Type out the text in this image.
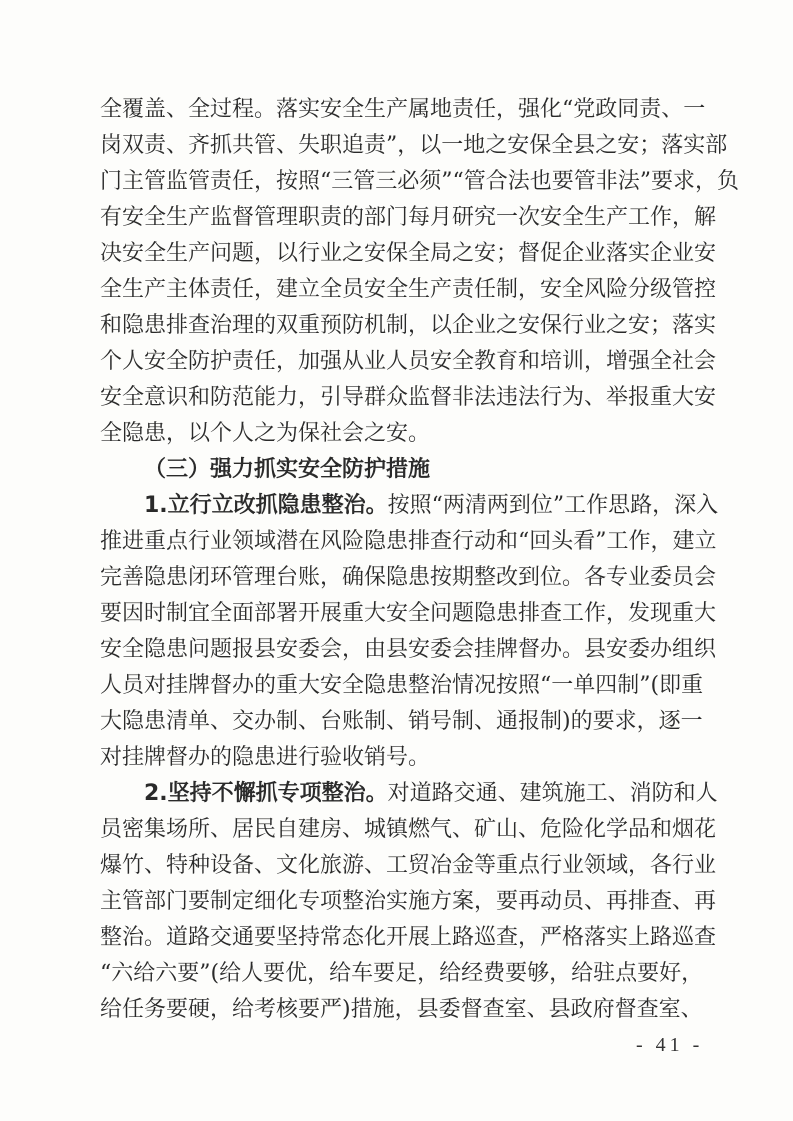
全覆盖、全过程。落实安全生产属地责任，强化“党政同责、一
岗双责、齐抓共管、失职追责”，以一地之安保全县之安；落实部
门主管监管责任，按照“三管三必须”“管合法也要管非法”要求，负
有安全生产监督管理职责的部门每月研究一次安全生产工作，解
决安全生产问题，以行业之安保全局之安；督促企业落实企业安
全生产主体责任，建立全员安全生产责任制，安全风险分级管控
和隐患排查治理的双重预防机制，以企业之安保行业之安；落实
个人安全防护责任，加强从业人员安全教育和培训，增强全社会
安全意识和防范能力，引导群众监督非法违法行为、举报重大安
全隐患，以个人之为保社会之安。
（三）强力抓实安全防护措施
1.立行立改抓隐患整治。按照“两清两到位”工作思路，深入
推进重点行业领域潜在风险隐患排查行动和“回头看”工作，建立
完善隐患闭环管理台账，确保隐患按期整改到位。各专业委员会
要因时制宜全面部署开展重大安全问题隐患排查工作，发现重大
安全隐患问题报县安委会，由县安委会挂牌督办。县安委办组织
人员对挂牌督办的重大安全隐患整治情况按照“一单四制”(即重
大隐患清单、交办制、台账制、销号制、通报制)的要求，逐一
对挂牌督办的隐患进行验收销号。
2.坚持不懈抓专项整治。对道路交通、建筑施工、消防和人
员密集场所、居民自建房、城镇燃气、矿山、危险化学品和烟花
爆竹、特种设备、文化旅游、工贸冶金等重点行业领域，各行业
主管部门要制定细化专项整治实施方案，要再动员、再排查、再
整治。道路交通要坚持常态化开展上路巡查，严格落实上路巡查
“六给六要”(给人要优，给车要足，给经费要够，给驻点要好，
给任务要硬，给考核要严)措施，县委督查室、县政府督查室、
- 41 -
